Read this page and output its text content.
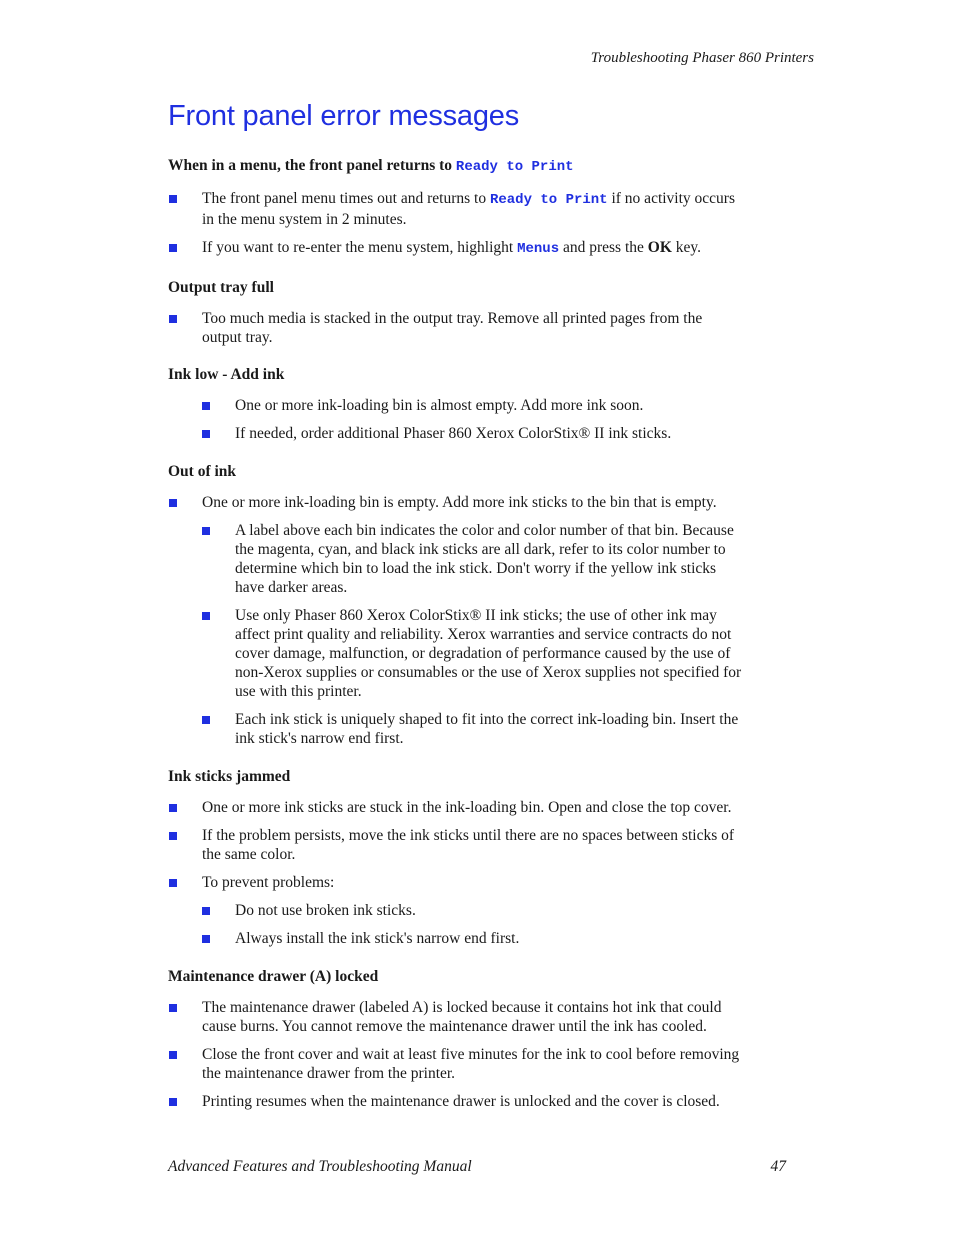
Troubleshooting Phaser 860 Printers
Front panel error messages

When in a menu, the front panel returns to Ready to Print

The front panel menu times out and returns to Ready to Print if no activity occurs
in the menu system in 2 minutes.

If you want to re-enter the menu system, highlight Menus and press the OK key.

Output tray full

Too much media is stacked in the output tray. Remove all printed pages from the
output tray.

Ink low - Add ink

One or more ink-loading bin is almost empty. Add more ink soon.

If needed, order additional Phaser 860 Xerox ColorStix® II ink sticks.

Out of ink

One or more ink-loading bin is empty. Add more ink sticks to the bin that is empty.

A label above each bin indicates the color and color number of that bin. Because
the magenta, cyan, and black ink sticks are all dark, refer to its color number to
determine which bin to load the ink stick. Don't worry if the yellow ink sticks
have darker areas.

Use only Phaser 860 Xerox ColorStix® II ink sticks; the use of other ink may
affect print quality and reliability. Xerox warranties and service contracts do not
cover damage, malfunction, or degradation of performance caused by the use of
non-Xerox supplies or consumables or the use of Xerox supplies not specified for
use with this printer.

Each ink stick is uniquely shaped to fit into the correct ink-loading bin. Insert the
ink stick's narrow end first.

Ink sticks jammed

One or more ink sticks are stuck in the ink-loading bin. Open and close the top cover.

If the problem persists, move the ink sticks until there are no spaces between sticks of
the same color.

To prevent problems:

Do not use broken ink sticks.

Always install the ink stick's narrow end first.

Maintenance drawer (A) locked

The maintenance drawer (labeled A) is locked because it contains hot ink that could
cause burns. You cannot remove the maintenance drawer until the ink has cooled.

Close the front cover and wait at least five minutes for the ink to cool before removing
the maintenance drawer from the printer.

Printing resumes when the maintenance drawer is unlocked and the cover is closed.

Advanced Features and Troubleshooting Manual	47
